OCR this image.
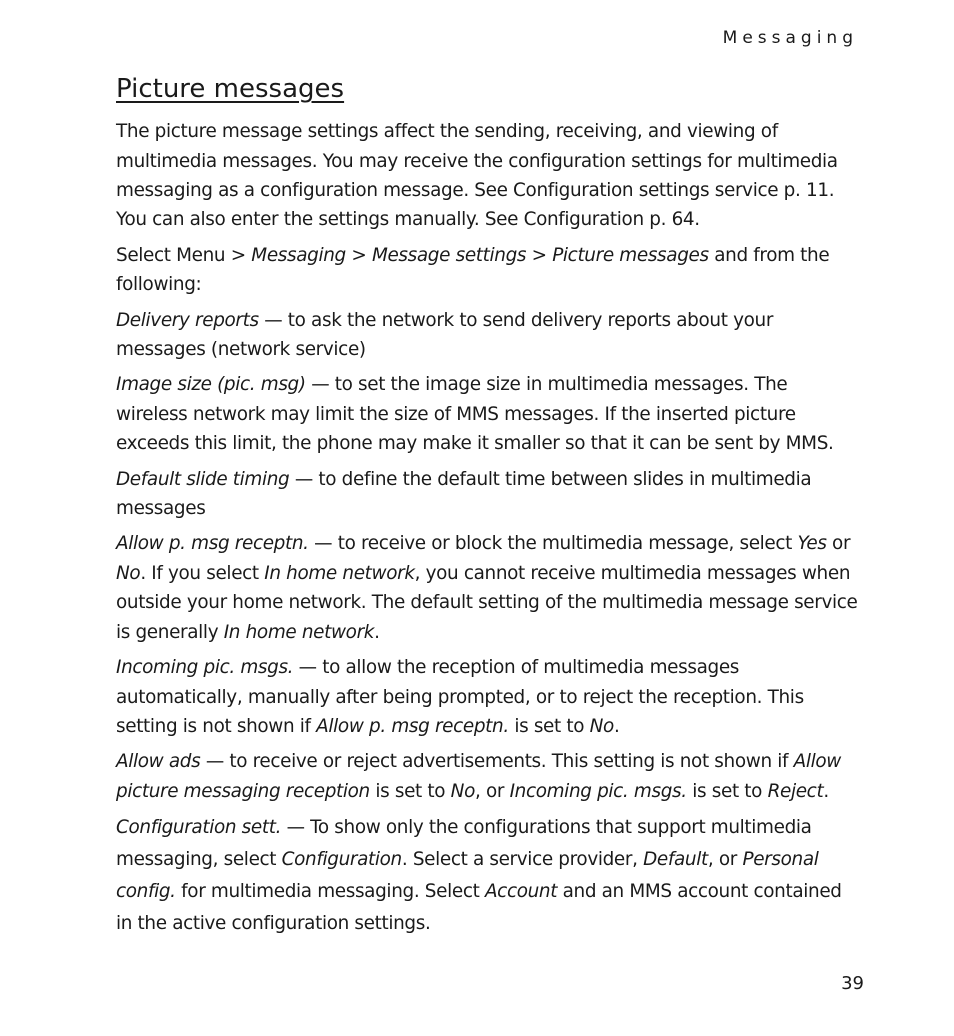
Messaging
Picture messages

The picture message settings affect the sending, receiving, and viewing of multimedia messages. You may receive the configuration settings for multimedia messaging as a configuration message. See Configuration settings service p. 11. You can also enter the settings manually. See Configuration p. 64.

Select Menu > Messaging > Message settings > Picture messages and from the following:

Delivery reports — to ask the network to send delivery reports about your messages (network service)

Image size (pic. msg) — to set the image size in multimedia messages. The wireless network may limit the size of MMS messages. If the inserted picture exceeds this limit, the phone may make it smaller so that it can be sent by MMS.

Default slide timing — to define the default time between slides in multimedia messages

Allow p. msg receptn. — to receive or block the multimedia message, select Yes or No. If you select In home network, you cannot receive multimedia messages when outside your home network. The default setting of the multimedia message service is generally In home network.

Incoming pic. msgs. — to allow the reception of multimedia messages automatically, manually after being prompted, or to reject the reception. This setting is not shown if Allow p. msg receptn. is set to No.

Allow ads — to receive or reject advertisements. This setting is not shown if Allow picture messaging reception is set to No, or Incoming pic. msgs. is set to Reject.

Configuration sett. — To show only the configurations that support multimedia messaging, select Configuration. Select a service provider, Default, or Personal config. for multimedia messaging. Select Account and an MMS account contained in the active configuration settings.

39
